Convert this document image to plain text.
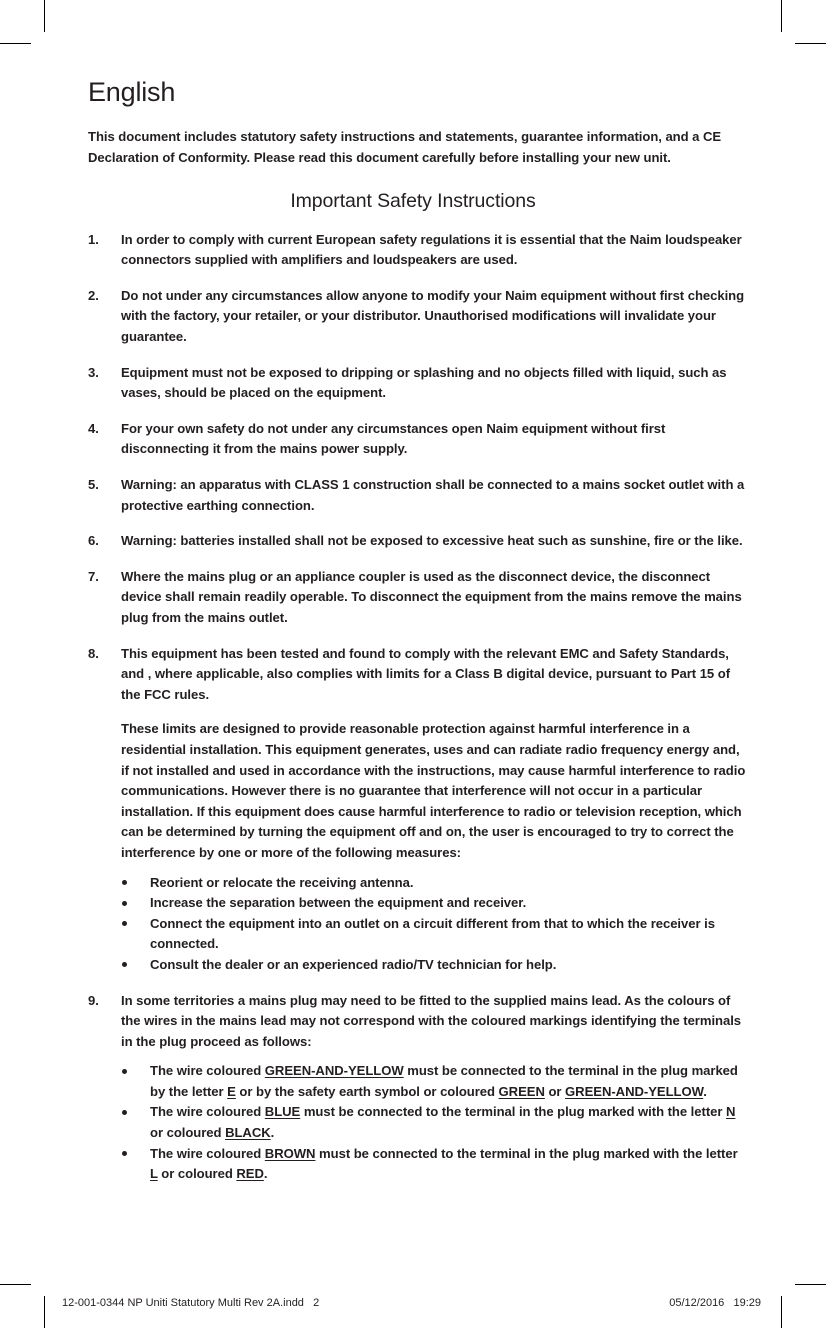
English

This document includes statutory safety instructions and statements, guarantee information, and a CE Declaration of Conformity. Please read this document carefully before installing your new unit.

Important Safety Instructions
1.	In order to comply with current European safety regulations it is essential that the Naim loudspeaker connectors supplied with amplifiers and loudspeakers are used.

2.	Do not under any circumstances allow anyone to modify your Naim equipment without first checking with the factory, your retailer, or your distributor. Unauthorised modifications will invalidate your guarantee.

3.	Equipment must not be exposed to dripping or splashing and no objects filled with liquid, such as vases, should be placed on the equipment.

4.	For your own safety do not under any circumstances open Naim equipment without first disconnecting it from the mains power supply.

5.	Warning: an apparatus with CLASS 1 construction shall be connected to a mains socket outlet with a protective earthing connection.

6.	Warning: batteries installed shall not be exposed to excessive heat such as sunshine, fire or the like.

7.	Where the mains plug or an appliance coupler is used as the disconnect device, the disconnect device shall remain readily operable. To disconnect the equipment from the mains remove the mains plug from the mains outlet.

8.	This equipment has been tested and found to comply with the relevant EMC and Safety Standards, and , where applicable, also complies with limits for a Class B digital device, pursuant to Part 15 of the FCC rules.

These limits are designed to provide reasonable protection against harmful interference in a residential installation. This equipment generates, uses and can radiate radio frequency energy and, if not installed and used in accordance with the instructions, may cause harmful interference to radio communications. However there is no guarantee that interference will not occur in a particular installation. If this equipment does cause harmful interference to radio or television reception, which can be determined by turning the equipment off and on, the user is encouraged to try to correct the interference by one or more of the following measures:

Reorient or relocate the receiving antenna.
Increase the separation between the equipment and receiver.
Connect the equipment into an outlet on a circuit different from that to which the receiver is connected.
Consult the dealer or an experienced radio/TV technician for help.
9.	In some territories a mains plug may need to be fitted to the supplied mains lead. As the colours of the wires in the mains lead may not correspond with the coloured markings identifying the terminals in the plug proceed as follows:

The wire coloured GREEN-AND-YELLOW must be connected to the terminal in the plug marked by the letter E or by the safety earth symbol or coloured GREEN or GREEN-AND-YELLOW.
The wire coloured BLUE must be connected to the terminal in the plug marked with the letter N or coloured BLACK.
The wire coloured BROWN must be connected to the terminal in the plug marked with the letter L or coloured RED.
12-001-0344 NP Uniti Statutory Multi Rev 2A.indd   2	05/12/2016   19:29
